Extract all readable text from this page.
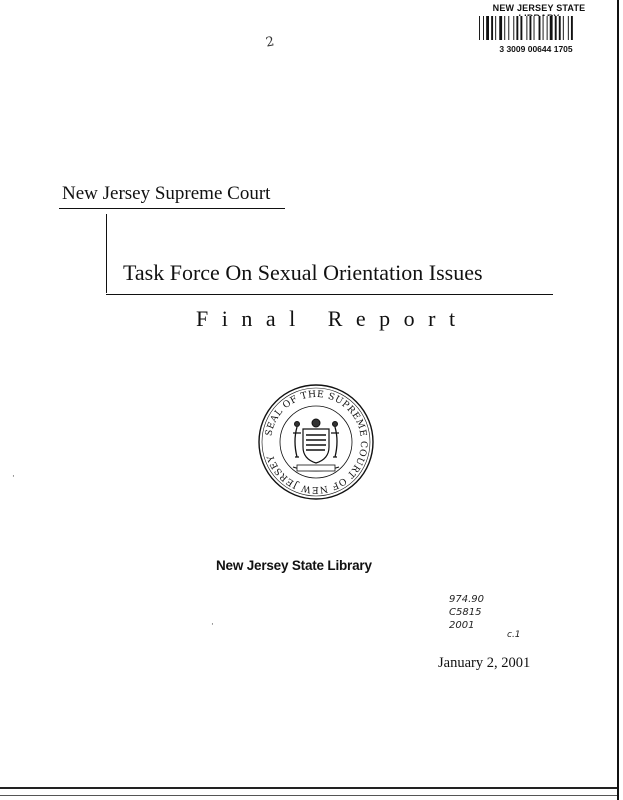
NEW JERSEY STATE
3 3009 00644 1705
2
New Jersey Supreme Court
Task Force On Sexual Orientation Issues
Final Report
SEAL OF THE SUPREME COURT OF NEW JERSEY
·
·
New Jersey State Library
974.90
C5815
2001
c.1
January 2, 2001
